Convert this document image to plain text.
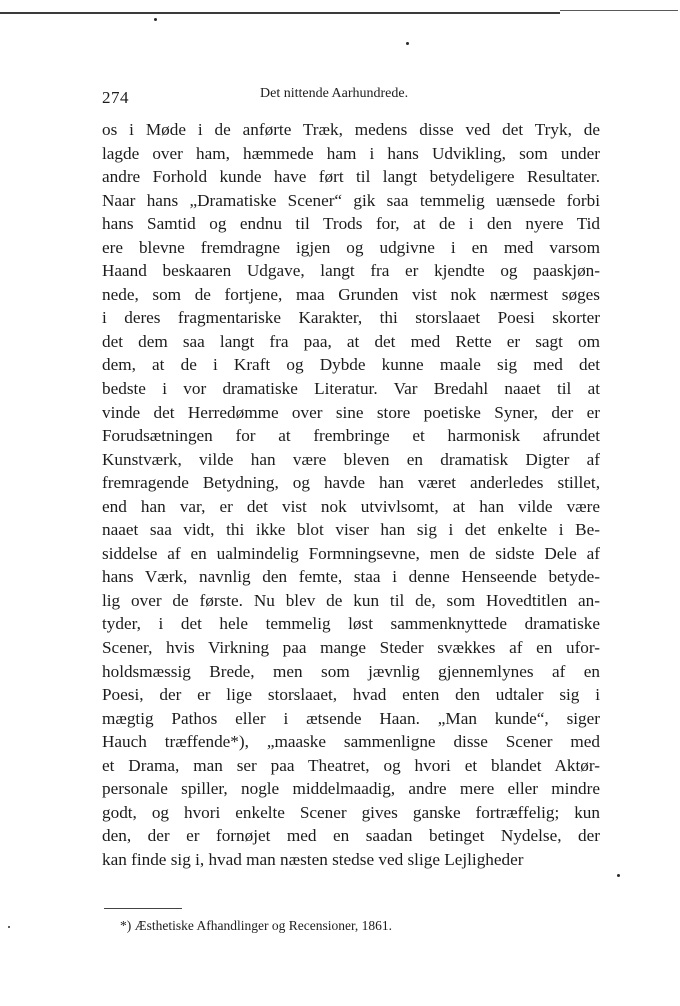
274	Det nittende Aarhundrede.
os i Møde i de anførte Træk, medens disse ved det Tryk, de
lagde over ham, hæmmede ham i hans Udvikling, som under
andre Forhold kunde have ført til langt betydeligere Resultater.
Naar hans „Dramatiske Scener“ gik saa temmelig uænsede forbi
hans Samtid og endnu til Trods for, at de i den nyere Tid
ere blevne fremdragne igjen og udgivne i en med varsom
Haand beskaaren Udgave, langt fra er kjendte og paaskjøn-
nede, som de fortjene, maa Grunden vist nok nærmest søges
i deres fragmentariske Karakter, thi storslaaet Poesi skorter
det dem saa langt fra paa, at det med Rette er sagt om
dem, at de i Kraft og Dybde kunne maale sig med det
bedste i vor dramatiske Literatur. Var Bredahl naaet til at
vinde det Herredømme over sine store poetiske Syner, der er
Forudsætningen for at frembringe et harmonisk afrundet
Kunstværk, vilde han være bleven en dramatisk Digter af
fremragende Betydning, og havde han været anderledes stillet,
end han var, er det vist nok utvivlsomt, at han vilde være
naaet saa vidt, thi ikke blot viser han sig i det enkelte i Be-
siddelse af en ualmindelig Formningsevne, men de sidste Dele af
hans Værk, navnlig den femte, staa i denne Henseende betyde-
lig over de første. Nu blev de kun til de, som Hovedtitlen an-
tyder, i det hele temmelig løst sammenknyttede dramatiske
Scener, hvis Virkning paa mange Steder svækkes af en ufor-
holdsmæssig Brede, men som jævnlig gjennemlynes af en
Poesi, der er lige storslaaet, hvad enten den udtaler sig i
mægtig Pathos eller i ætsende Haan. „Man kunde“, siger
Hauch træffende*), „maaske sammenligne disse Scener med
et Drama, man ser paa Theatret, og hvori et blandet Aktør-
personale spiller, nogle middelmaadig, andre mere eller mindre
godt, og hvori enkelte Scener gives ganske fortræffelig; kun
den, der er fornøjet med en saadan betinget Nydelse, der
kan finde sig i, hvad man næsten stedse ved slige Lejligheder
*) Æsthetiske Afhandlinger og Recensioner, 1861.
